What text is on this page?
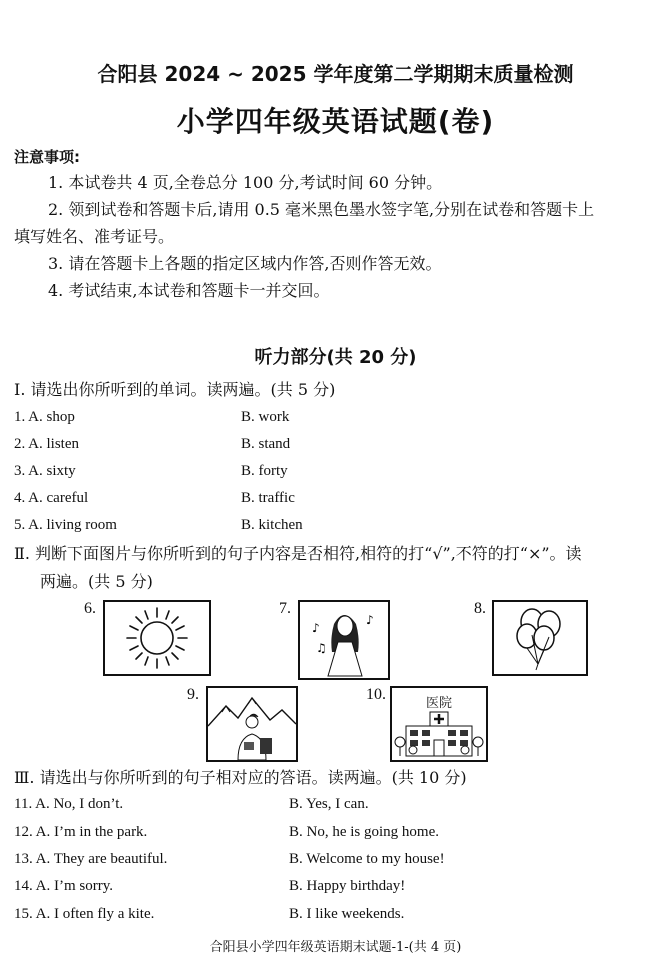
合阳县 2024 ~ 2025 学年度第二学期期末质量检测
小学四年级英语试题(卷)
注意事项:
1. 本试卷共 4 页,全卷总分 100 分,考试时间 60 分钟。
2. 领到试卷和答题卡后,请用 0.5 毫米黑色墨水签字笔,分别在试卷和答题卡上
填写姓名、准考证号。
3. 请在答题卡上各题的指定区域内作答,否则作答无效。
4. 考试结束,本试卷和答题卡一并交回。
听力部分(共 20 分)
Ⅰ. 请选出你所听到的单词。读两遍。(共 5 分)
1. A. shop	B. work
2. A. listen	B. stand
3. A. sixty	B. forty
4. A. careful	B. traffic
5. A. living room	B. kitchen
Ⅱ. 判断下面图片与你所听到的句子内容是否相符,相符的打“√”,不符的打“×”。读
两遍。(共 5 分)
6.	7.
♪
♫
♪
8.
9.	10.
医院
Ⅲ. 请选出与你所听到的句子相对应的答语。读两遍。(共 10 分)
11. A. No, I don’t.	B. Yes, I can.
12. A. I’m in the park.	B. No, he is going home.
13. A. They are beautiful.	B. Welcome to my house!
14. A. I’m sorry.	B. Happy birthday!
15. A. I often fly a kite.	B. I like weekends.
合阳县小学四年级英语期末试题-1-(共 4 页)
